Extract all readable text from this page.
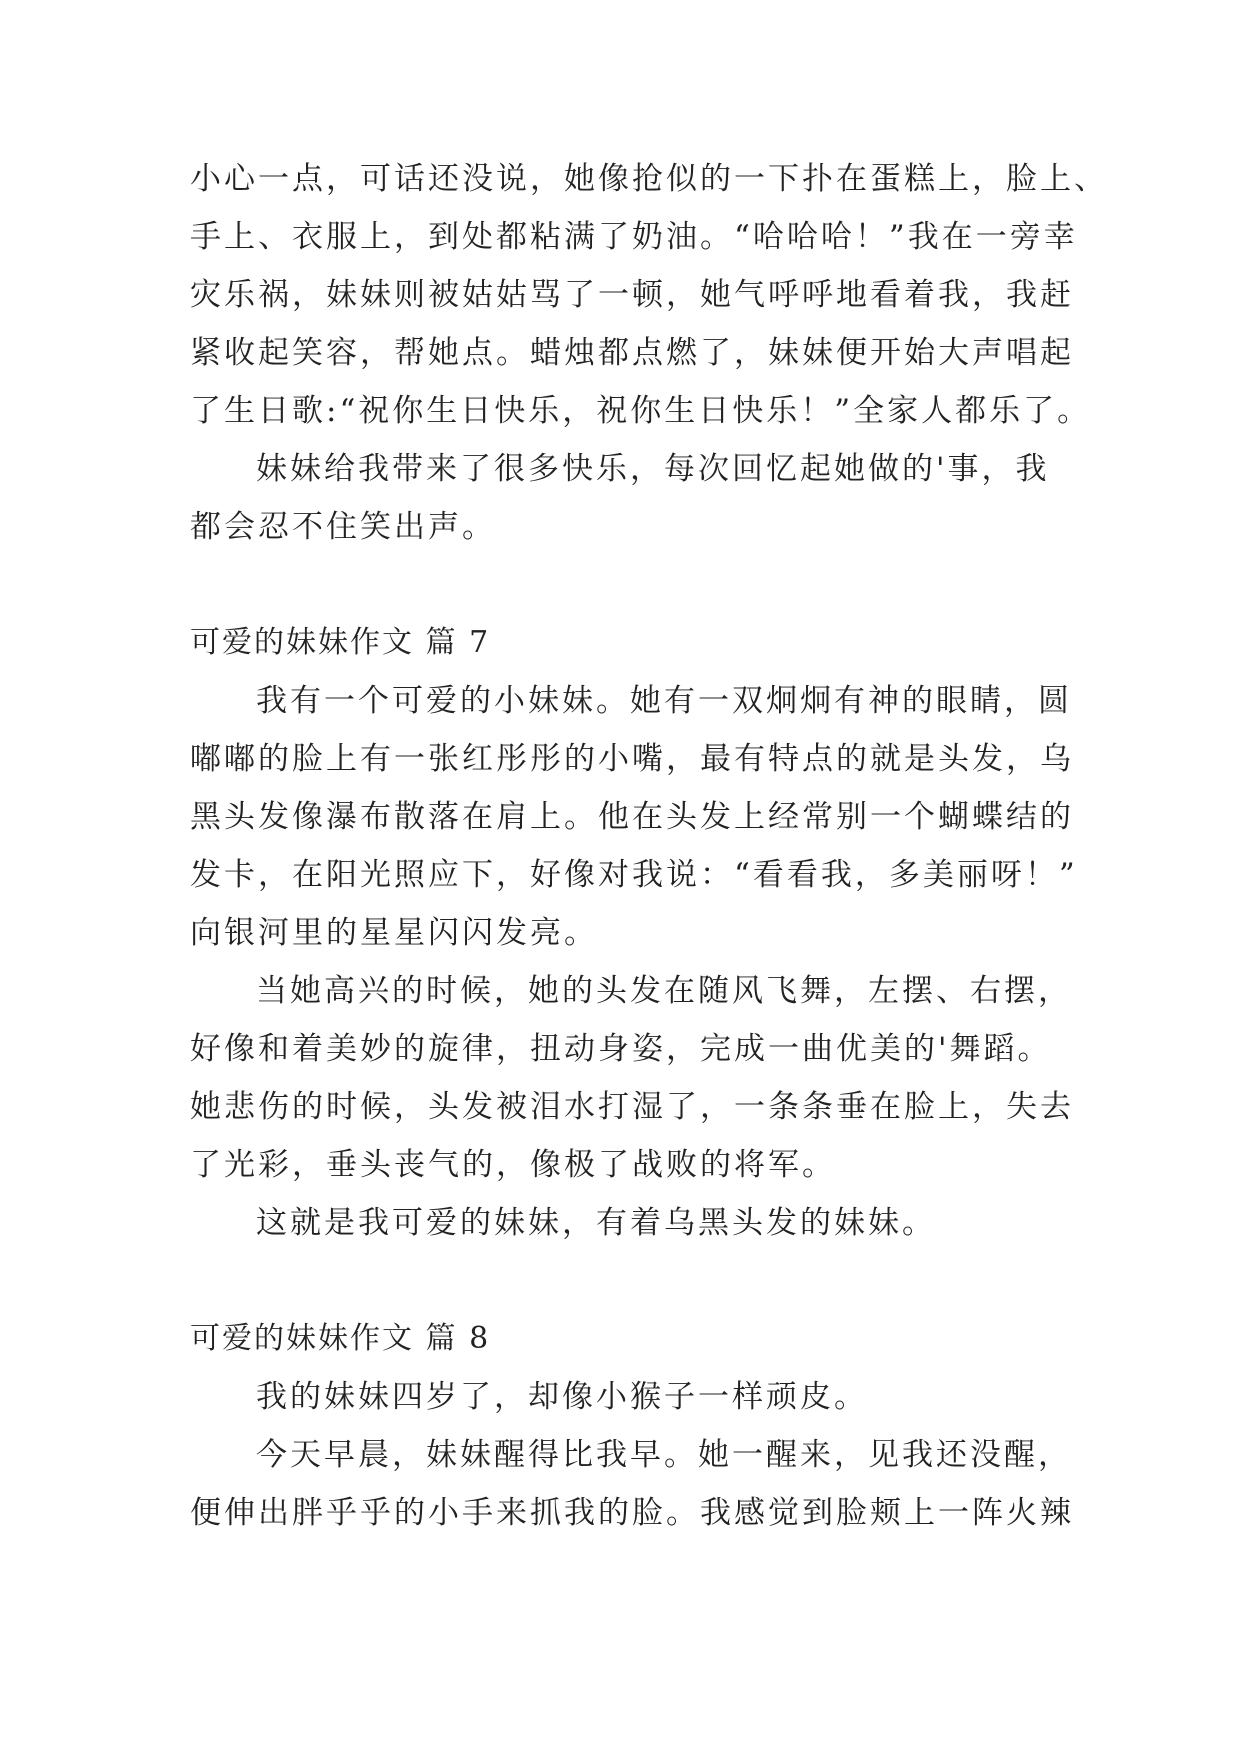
小心一点，可话还没说，她像抢似的一下扑在蛋糕上，脸上、
手上、衣服上，到处都粘满了奶油。“哈哈哈！”我在一旁幸
灾乐祸，妹妹则被姑姑骂了一顿，她气呼呼地看着我，我赶
紧收起笑容，帮她点。蜡烛都点燃了，妹妹便开始大声唱起
了生日歌:“祝你生日快乐，祝你生日快乐！”全家人都乐了。
妹妹给我带来了很多快乐，每次回忆起她做的'事，我
都会忍不住笑出声。
可爱的妹妹作文 篇 7
我有一个可爱的小妹妹。她有一双炯炯有神的眼睛，圆
嘟嘟的脸上有一张红彤彤的小嘴，最有特点的就是头发，乌
黑头发像瀑布散落在肩上。他在头发上经常别一个蝴蝶结的
发卡，在阳光照应下，好像对我说：“看看我，多美丽呀！”
向银河里的星星闪闪发亮。
当她高兴的时候，她的头发在随风飞舞，左摆、右摆，
好像和着美妙的旋律，扭动身姿，完成一曲优美的'舞蹈。
她悲伤的时候，头发被泪水打湿了，一条条垂在脸上，失去
了光彩，垂头丧气的，像极了战败的将军。
这就是我可爱的妹妹，有着乌黑头发的妹妹。
可爱的妹妹作文 篇 8
我的妹妹四岁了，却像小猴子一样顽皮。
今天早晨，妹妹醒得比我早。她一醒来，见我还没醒，
便伸出胖乎乎的小手来抓我的脸。我感觉到脸颊上一阵火辣
